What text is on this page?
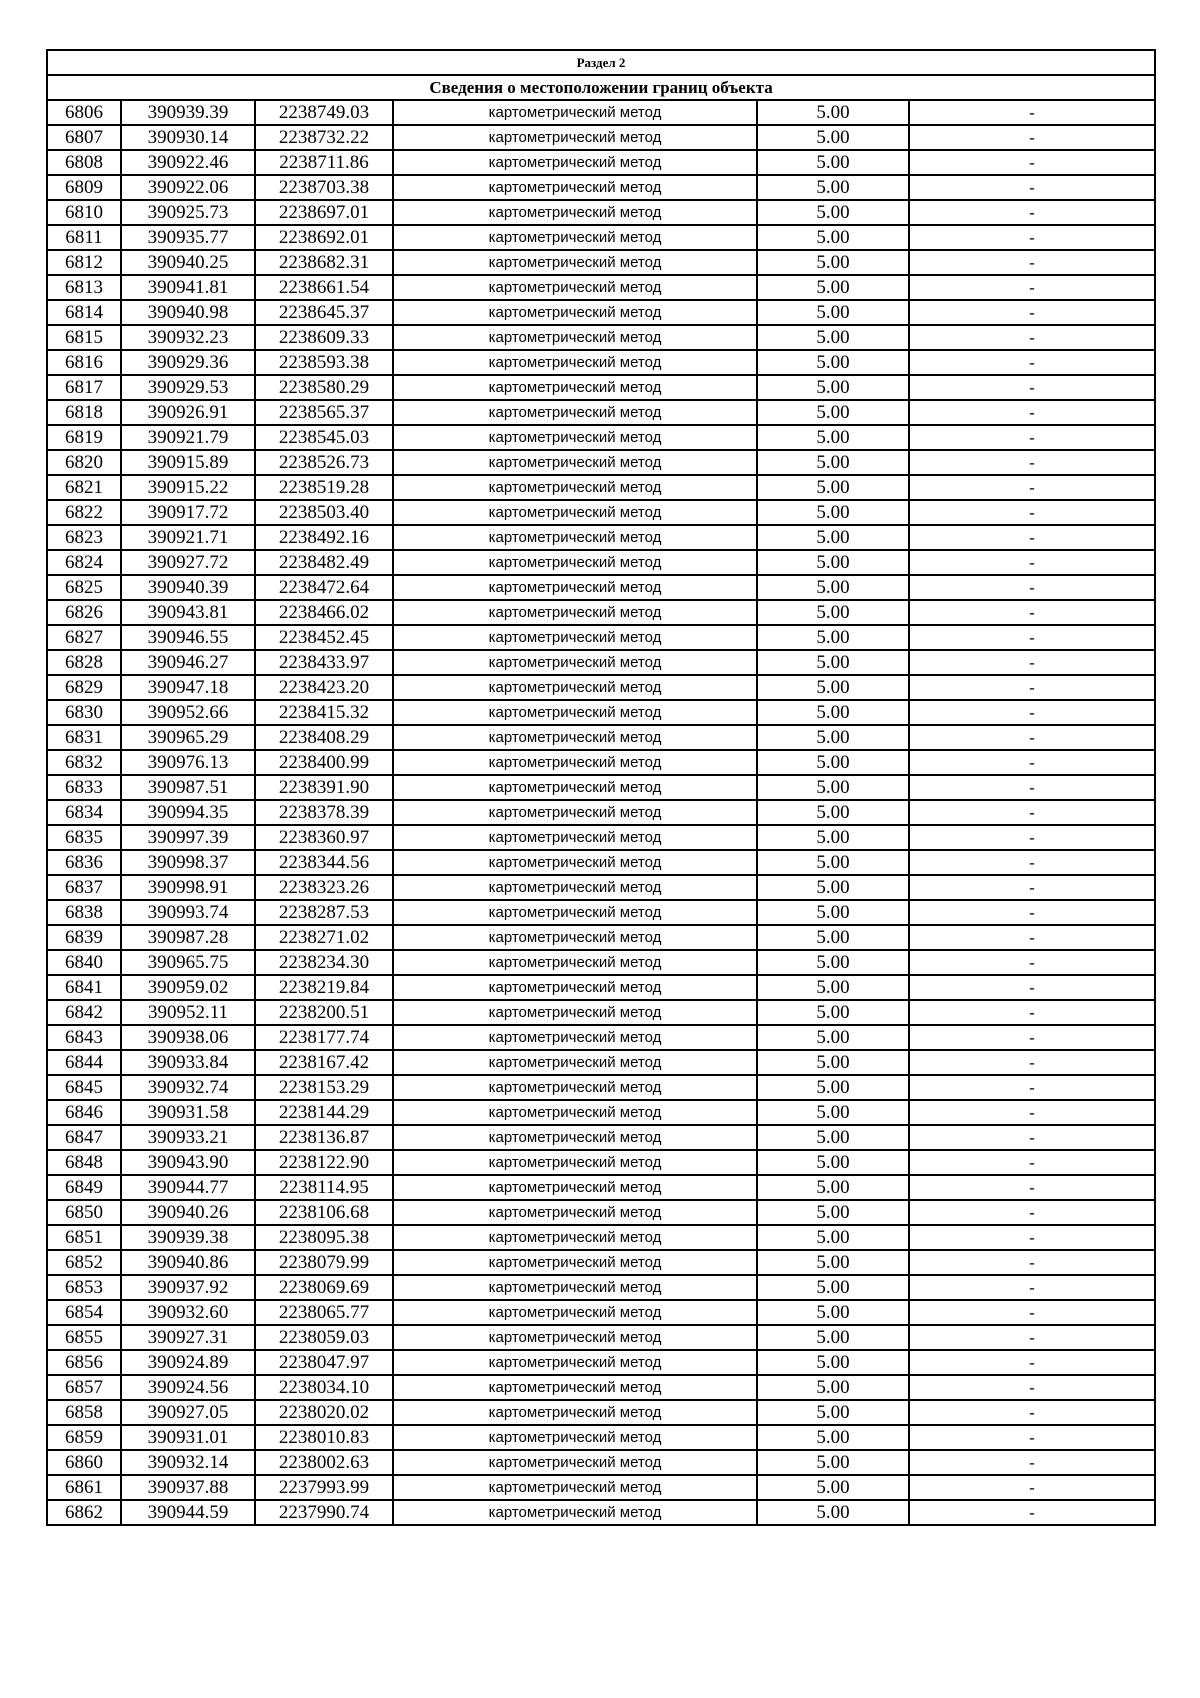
Раздел 2					
Сведения о местоположении границ объекта					
6806	390939.39	2238749.03	картометрический метод	5.00	-
6807	390930.14	2238732.22	картометрический метод	5.00	-
6808	390922.46	2238711.86	картометрический метод	5.00	-
6809	390922.06	2238703.38	картометрический метод	5.00	-
6810	390925.73	2238697.01	картометрический метод	5.00	-
6811	390935.77	2238692.01	картометрический метод	5.00	-
6812	390940.25	2238682.31	картометрический метод	5.00	-
6813	390941.81	2238661.54	картометрический метод	5.00	-
6814	390940.98	2238645.37	картометрический метод	5.00	-
6815	390932.23	2238609.33	картометрический метод	5.00	-
6816	390929.36	2238593.38	картометрический метод	5.00	-
6817	390929.53	2238580.29	картометрический метод	5.00	-
6818	390926.91	2238565.37	картометрический метод	5.00	-
6819	390921.79	2238545.03	картометрический метод	5.00	-
6820	390915.89	2238526.73	картометрический метод	5.00	-
6821	390915.22	2238519.28	картометрический метод	5.00	-
6822	390917.72	2238503.40	картометрический метод	5.00	-
6823	390921.71	2238492.16	картометрический метод	5.00	-
6824	390927.72	2238482.49	картометрический метод	5.00	-
6825	390940.39	2238472.64	картометрический метод	5.00	-
6826	390943.81	2238466.02	картометрический метод	5.00	-
6827	390946.55	2238452.45	картометрический метод	5.00	-
6828	390946.27	2238433.97	картометрический метод	5.00	-
6829	390947.18	2238423.20	картометрический метод	5.00	-
6830	390952.66	2238415.32	картометрический метод	5.00	-
6831	390965.29	2238408.29	картометрический метод	5.00	-
6832	390976.13	2238400.99	картометрический метод	5.00	-
6833	390987.51	2238391.90	картометрический метод	5.00	-
6834	390994.35	2238378.39	картометрический метод	5.00	-
6835	390997.39	2238360.97	картометрический метод	5.00	-
6836	390998.37	2238344.56	картометрический метод	5.00	-
6837	390998.91	2238323.26	картометрический метод	5.00	-
6838	390993.74	2238287.53	картометрический метод	5.00	-
6839	390987.28	2238271.02	картометрический метод	5.00	-
6840	390965.75	2238234.30	картометрический метод	5.00	-
6841	390959.02	2238219.84	картометрический метод	5.00	-
6842	390952.11	2238200.51	картометрический метод	5.00	-
6843	390938.06	2238177.74	картометрический метод	5.00	-
6844	390933.84	2238167.42	картометрический метод	5.00	-
6845	390932.74	2238153.29	картометрический метод	5.00	-
6846	390931.58	2238144.29	картометрический метод	5.00	-
6847	390933.21	2238136.87	картометрический метод	5.00	-
6848	390943.90	2238122.90	картометрический метод	5.00	-
6849	390944.77	2238114.95	картометрический метод	5.00	-
6850	390940.26	2238106.68	картометрический метод	5.00	-
6851	390939.38	2238095.38	картометрический метод	5.00	-
6852	390940.86	2238079.99	картометрический метод	5.00	-
6853	390937.92	2238069.69	картометрический метод	5.00	-
6854	390932.60	2238065.77	картометрический метод	5.00	-
6855	390927.31	2238059.03	картометрический метод	5.00	-
6856	390924.89	2238047.97	картометрический метод	5.00	-
6857	390924.56	2238034.10	картометрический метод	5.00	-
6858	390927.05	2238020.02	картометрический метод	5.00	-
6859	390931.01	2238010.83	картометрический метод	5.00	-
6860	390932.14	2238002.63	картометрический метод	5.00	-
6861	390937.88	2237993.99	картометрический метод	5.00	-
6862	390944.59	2237990.74	картометрический метод	5.00	-
